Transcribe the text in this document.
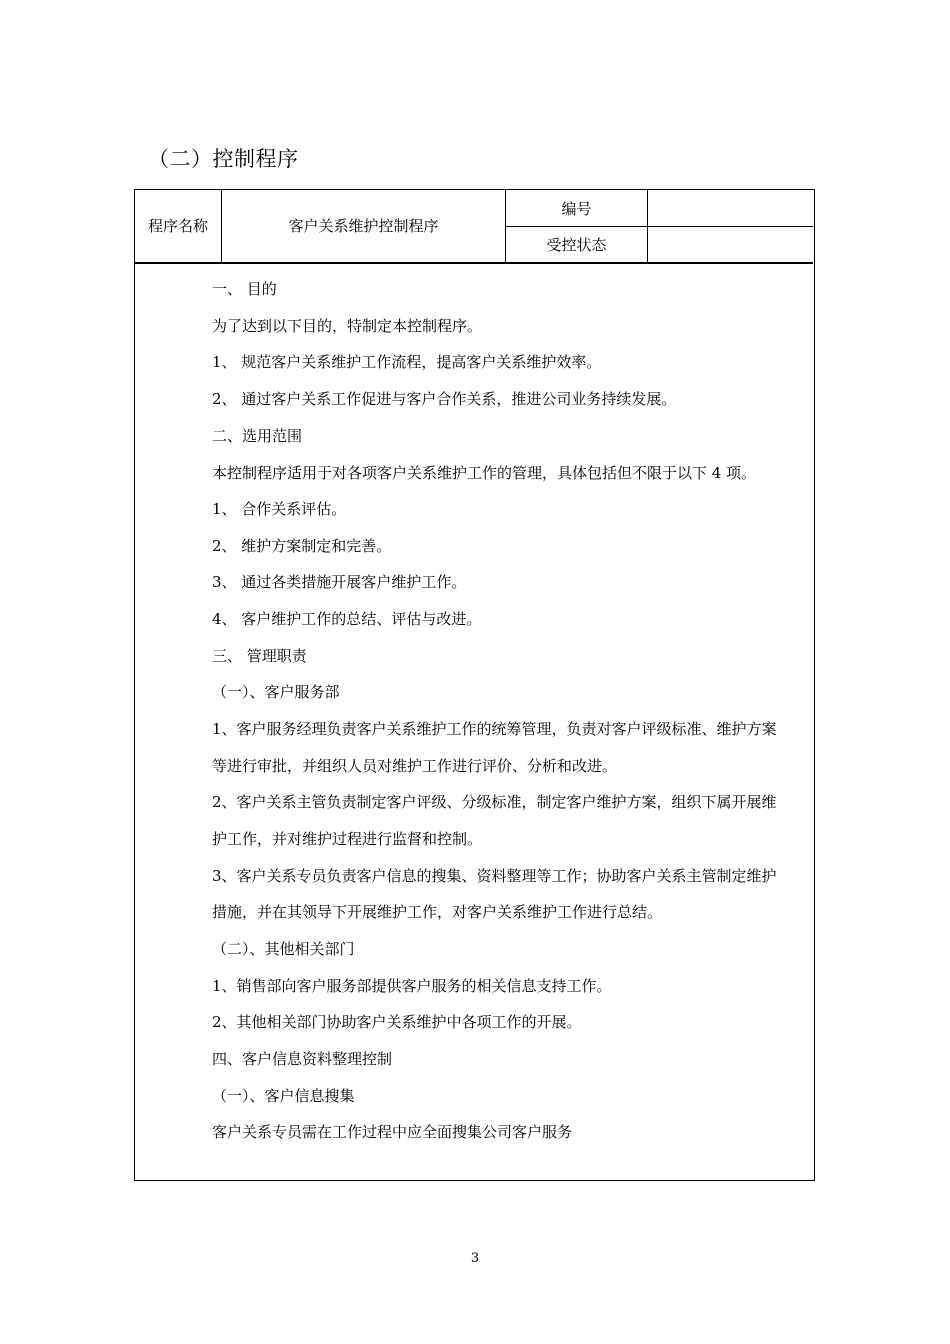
（二）控制程序
程序名称	客户关系维护控制程序
编号
受控状态
一、 目的
为了达到以下目的，特制定本控制程序。
1、 规范客户关系维护工作流程，提高客户关系维护效率。
2、 通过客户关系工作促进与客户合作关系，推进公司业务持续发展。
二、选用范围
本控制程序适用于对各项客户关系维护工作的管理，具体包括但不限于以下 4 项。
1、 合作关系评估。
2、 维护方案制定和完善。
3、 通过各类措施开展客户维护工作。
4、 客户维护工作的总结、评估与改进。
三、 管理职责
（一）、客户服务部
1、客户服务经理负责客户关系维护工作的统筹管理，负责对客户评级标准、维护方案
等进行审批，并组织人员对维护工作进行评价、分析和改进。
2、客户关系主管负责制定客户评级、分级标准，制定客户维护方案，组织下属开展维
护工作，并对维护过程进行监督和控制。
3、客户关系专员负责客户信息的搜集、资料整理等工作；协助客户关系主管制定维护
措施，并在其领导下开展维护工作，对客户关系维护工作进行总结。
（二）、其他相关部门
1、销售部向客户服务部提供客户服务的相关信息支持工作。
2、其他相关部门协助客户关系维护中各项工作的开展。
四、客户信息资料整理控制
（一）、客户信息搜集
客户关系专员需在工作过程中应全面搜集公司客户服务
3
